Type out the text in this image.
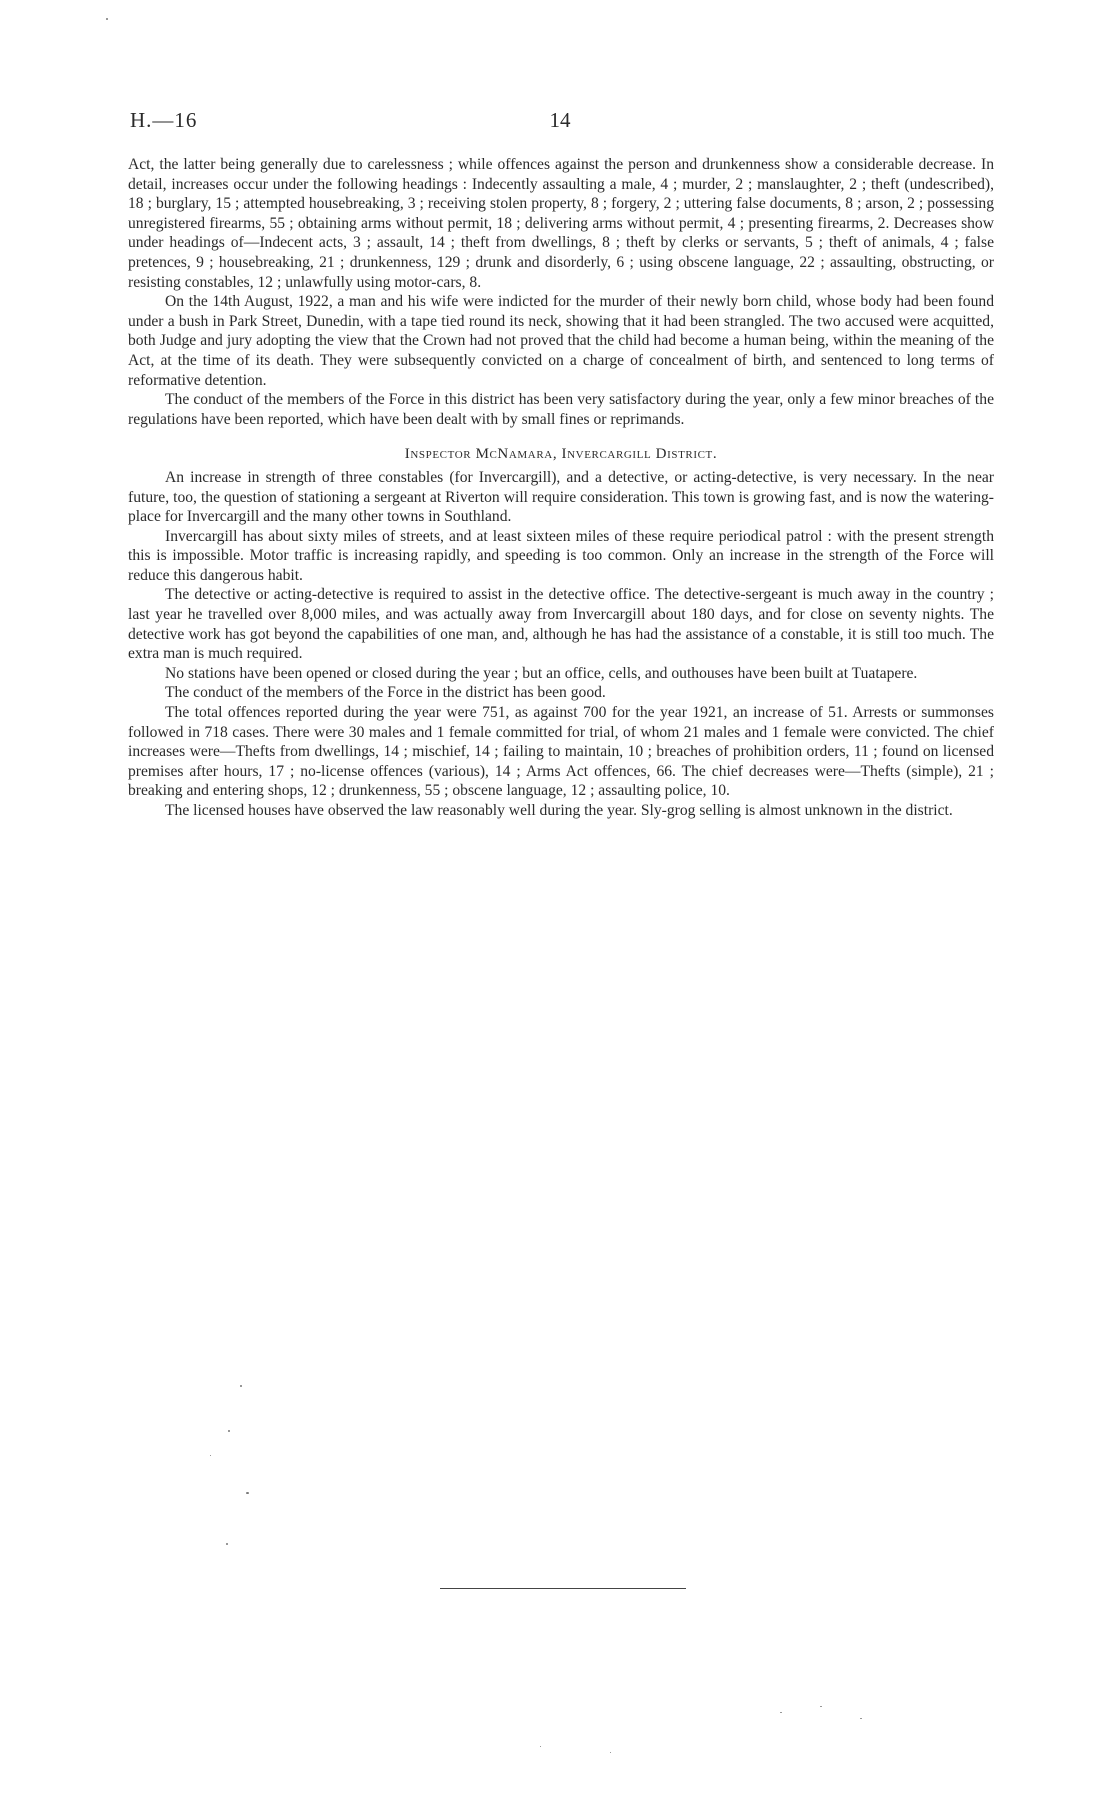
H.—16	14

Act, the latter being generally due to carelessness ; while offences against the person and drunkenness show a considerable decrease. In detail, increases occur under the following headings : Indecently assaulting a male, 4 ; murder, 2 ; manslaughter, 2 ; theft (undescribed), 18 ; burglary, 15 ; attempted housebreaking, 3 ; receiving stolen property, 8 ; forgery, 2 ; uttering false documents, 8 ; arson, 2 ; possessing unregistered firearms, 55 ; obtaining arms without permit, 18 ; delivering arms without permit, 4 ; presenting firearms, 2. Decreases show under headings of—Indecent acts, 3 ; assault, 14 ; theft from dwellings, 8 ; theft by clerks or servants, 5 ; theft of animals, 4 ; false pretences, 9 ; housebreaking, 21 ; drunkenness, 129 ; drunk and disorderly, 6 ; using obscene language, 22 ; assaulting, obstructing, or resisting constables, 12 ; unlawfully using motor-cars, 8.

On the 14th August, 1922, a man and his wife were indicted for the murder of their newly born child, whose body had been found under a bush in Park Street, Dunedin, with a tape tied round its neck, showing that it had been strangled. The two accused were acquitted, both Judge and jury adopting the view that the Crown had not proved that the child had become a human being, within the meaning of the Act, at the time of its death. They were subsequently convicted on a charge of concealment of birth, and sentenced to long terms of reformative detention.

The conduct of the members of the Force in this district has been very satisfactory during the year, only a few minor breaches of the regulations have been reported, which have been dealt with by small fines or reprimands.

Inspector McNamara, Invercargill District.

An increase in strength of three constables (for Invercargill), and a detective, or acting-detective, is very necessary. In the near future, too, the question of stationing a sergeant at Riverton will require consideration. This town is growing fast, and is now the watering-place for Invercargill and the many other towns in Southland.

Invercargill has about sixty miles of streets, and at least sixteen miles of these require periodical patrol : with the present strength this is impossible. Motor traffic is increasing rapidly, and speeding is too common. Only an increase in the strength of the Force will reduce this dangerous habit.

The detective or acting-detective is required to assist in the detective office. The detective-sergeant is much away in the country ; last year he travelled over 8,000 miles, and was actually away from Invercargill about 180 days, and for close on seventy nights. The detective work has got beyond the capabilities of one man, and, although he has had the assistance of a constable, it is still too much. The extra man is much required.

No stations have been opened or closed during the year ; but an office, cells, and outhouses have been built at Tuatapere.

The conduct of the members of the Force in the district has been good.

The total offences reported during the year were 751, as against 700 for the year 1921, an increase of 51. Arrests or summonses followed in 718 cases. There were 30 males and 1 female committed for trial, of whom 21 males and 1 female were convicted. The chief increases were—Thefts from dwellings, 14 ; mischief, 14 ; failing to maintain, 10 ; breaches of prohibition orders, 11 ; found on licensed premises after hours, 17 ; no-license offences (various), 14 ; Arms Act offences, 66. The chief decreases were—Thefts (simple), 21 ; breaking and entering shops, 12 ; drunkenness, 55 ; obscene language, 12 ; assaulting police, 10.

The licensed houses have observed the law reasonably well during the year. Sly-grog selling is almost unknown in the district.
